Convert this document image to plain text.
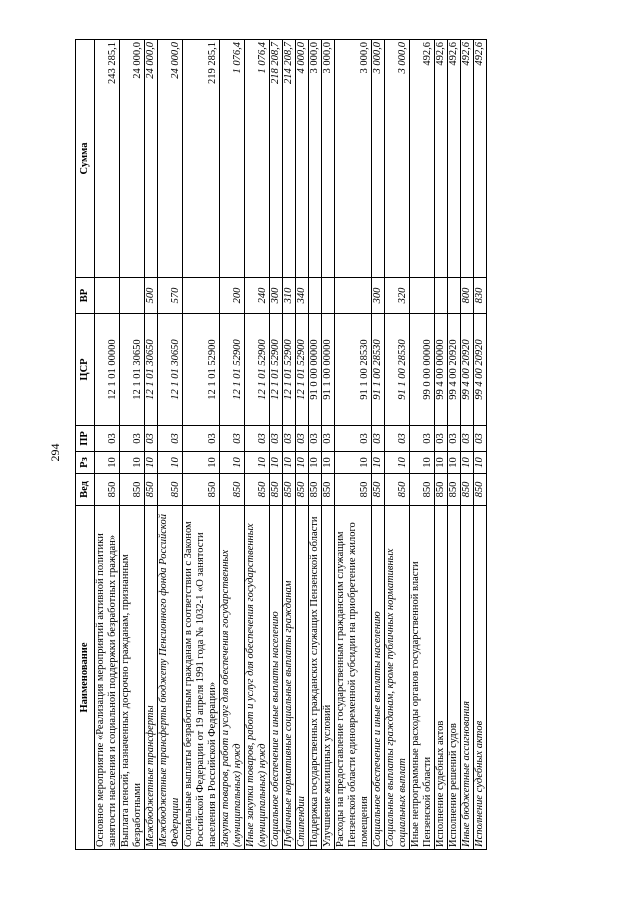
294
Наименование	Вед	Рз	ПР	ЦСР	ВР	Сумма
Основное мероприятие «Реализация мероприятий активной политики занятости населения и социальной поддержки безработных граждан»	850	10	03	12 1 01 00000		243 285,1
Выплата пенсий, назначенных досрочно гражданам, признанным безработными	850	10	03	12 1 01 30650		24 000,0
Межбюджетные трансферты	850	10	03	12 1 01 30650	500	24 000,0
Межбюджетные трансферты бюджету Пенсионного фонда Российской Федерации	850	10	03	12 1 01 30650	570	24 000,0
Социальные выплаты безработным гражданам в соответствии с Законом Российской Федерации от 19 апреля 1991 года № 1032-1 «О занятости населения в Российской Федерации»	850	10	03	12 1 01 52900		219 285,1
Закупка товаров, работ и услуг для обеспечения государственных (муниципальных) нужд	850	10	03	12 1 01 52900	200	1 076,4
Иные закупки товаров, работ и услуг для обеспечения государственных (муниципальных) нужд	850	10	03	12 1 01 52900	240	1 076,4
Социальное обеспечение и иные выплаты населению	850	10	03	12 1 01 52900	300	218 208,7
Публичные нормативные социальные выплаты гражданам	850	10	03	12 1 01 52900	310	214 208,7
Стипендии	850	10	03	12 1 01 52900	340	4 000,0
Поддержка государственных гражданских служащих Пензенской области	850	10	03	91 0 00 00000		3 000,0
Улучшение жилищных условий	850	10	03	91 1 00 00000		3 000,0
Расходы на предоставление государственным гражданским служащим Пензенской области единовременной субсидии на приобретение жилого помещения	850	10	03	91 1 00 28530		3 000,0
Социальное обеспечение и иные выплаты населению	850	10	03	91 1 00 28530	300	3 000,0
Социальные выплаты гражданам, кроме публичных нормативных социальных выплат	850	10	03	91 1 00 28530	320	3 000,0
Иные непрограммные расходы органов государственной власти Пензенской области	850	10	03	99 0 00 00000		492,6
Исполнение судебных актов	850	10	03	99 4 00 00000		492,6
Исполнение решений судов	850	10	03	99 4 00 20920		492,6
Иные бюджетные ассигнования	850	10	03	99 4 00 20920	800	492,6
Исполнение судебных актов	850	10	03	99 4 00 20920	830	492,6
